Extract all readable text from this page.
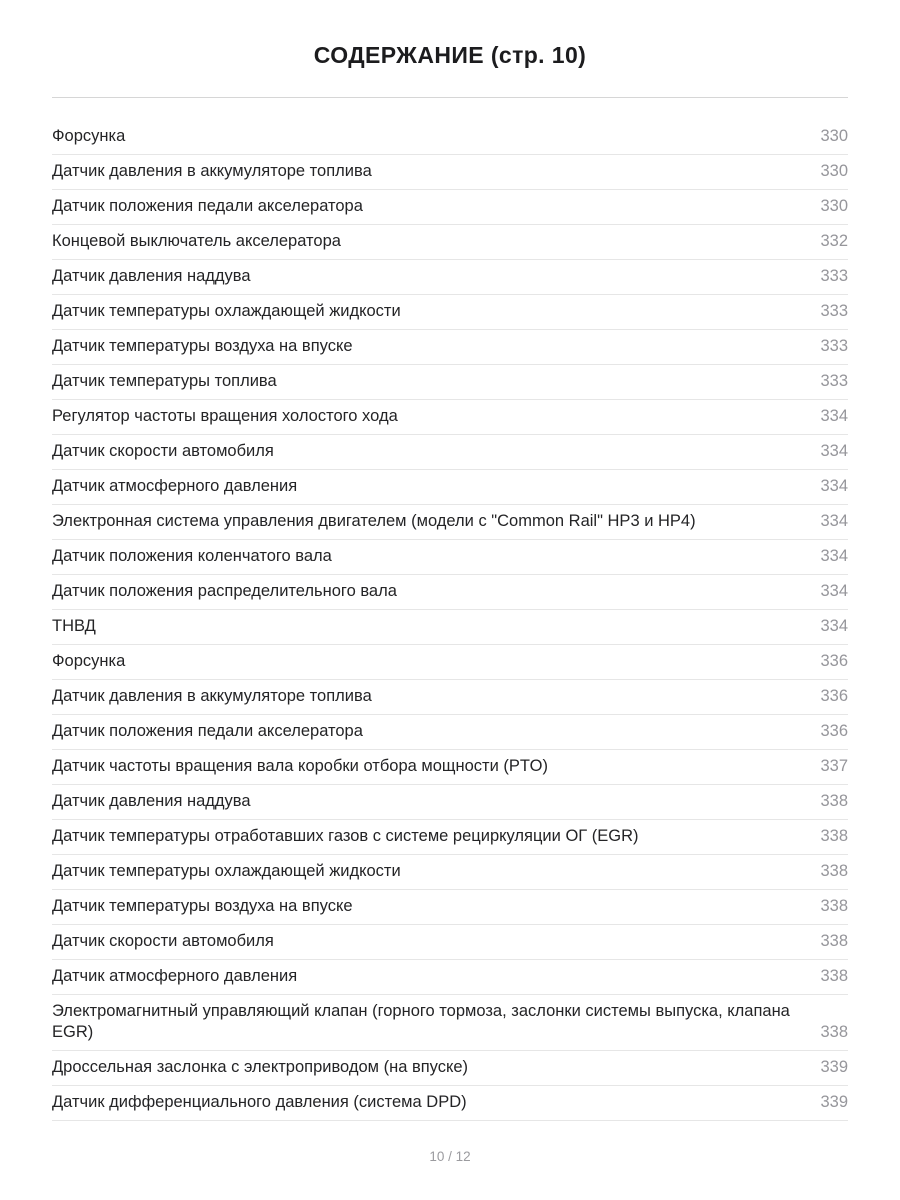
СОДЕРЖАНИЕ (стр. 10)
Форсунка	330
Датчик давления в аккумуляторе топлива	330
Датчик положения педали акселератора	330
Концевой выключатель акселератора	332
Датчик давления наддува	333
Датчик температуры охлаждающей жидкости	333
Датчик температуры воздуха на впуске	333
Датчик температуры топлива	333
Регулятор частоты вращения холостого хода	334
Датчик скорости автомобиля	334
Датчик атмосферного давления	334
Электронная система управления двигателем (модели с "Common Rail" HP3 и HP4)	334
Датчик положения коленчатого вала	334
Датчик положения распределительного вала	334
ТНВД	334
Форсунка	336
Датчик давления в аккумуляторе топлива	336
Датчик положения педали акселератора	336
Датчик частоты вращения вала коробки отбора мощности (PTO)	337
Датчик давления наддува	338
Датчик температуры отработавших газов с системе рециркуляции ОГ (EGR)	338
Датчик температуры охлаждающей жидкости	338
Датчик температуры воздуха на впуске	338
Датчик скорости автомобиля	338
Датчик атмосферного давления	338
Электромагнитный управляющий клапан (горного тормоза, заслонки системы выпуска, клапана EGR)	338
Дроссельная заслонка с электроприводом (на впуске)	339
Датчик дифференциального давления (система DPD)	339
10 / 12
